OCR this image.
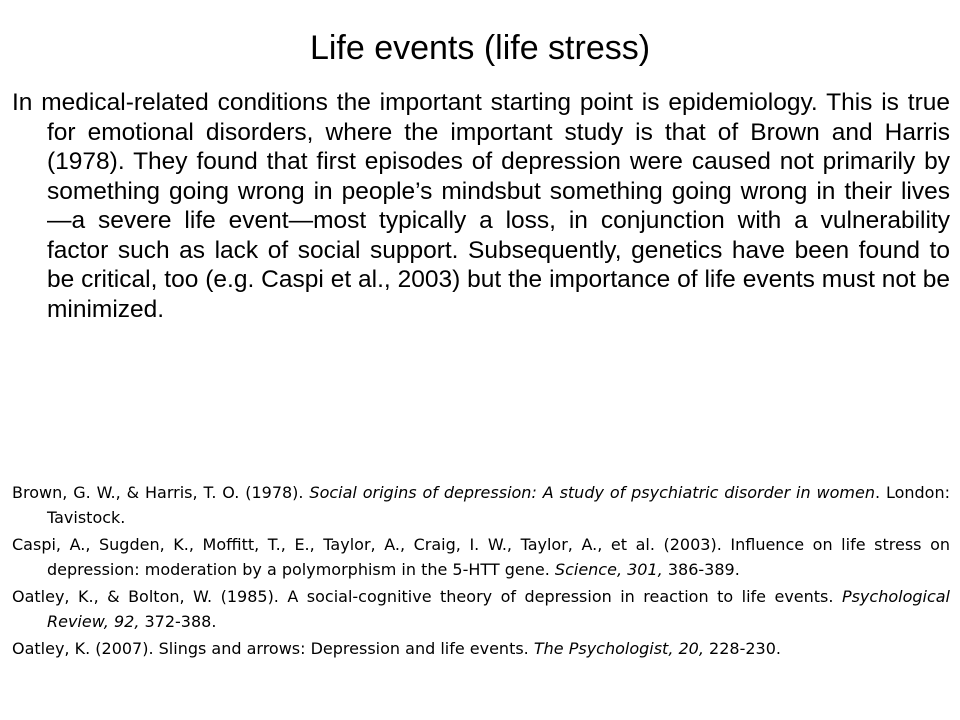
Life events (life stress)

In medical-related conditions the important starting point is epidemiology. This is true for emotional disorders, where the important study is that of Brown and Harris (1978). They found that first episodes of depression were caused not primarily by something going wrong in people’s mindsbut something going wrong in their lives—a severe life event—most typically a loss, in conjunction with a vulnerability factor such as lack of social support. Subsequently, genetics have been found to be critical, too (e.g. Caspi et al., 2003) but the importance of life events must not be minimized.

Brown, G. W., & Harris, T. O. (1978). Social origins of depression: A study of psychiatric disorder in women. London: Tavistock.

Caspi, A., Sugden, K., Moffitt, T., E., Taylor, A., Craig, I. W., Taylor, A., et al. (2003). Influence on life stress on depression: moderation by a polymorphism in the 5-HTT gene. Science, 301, 386-389.

Oatley, K., & Bolton, W. (1985). A social-cognitive theory of depression in reaction to life events. Psychological Review, 92, 372-388.

Oatley, K. (2007). Slings and arrows: Depression and life events. The Psychologist, 20, 228-230.
